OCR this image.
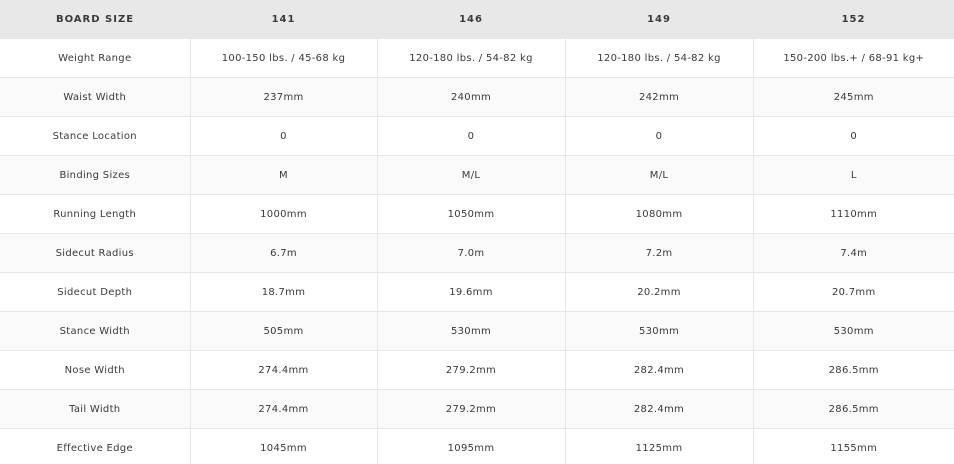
BOARD SIZE	141	146	149	152
Weight Range	100-150 lbs. / 45-68 kg	120-180 lbs. / 54-82 kg	120-180 lbs. / 54-82 kg	150-200 lbs.+ / 68-91 kg+
Waist Width	237mm	240mm	242mm	245mm
Stance Location	0	0	0	0
Binding Sizes	M	M/L	M/L	L
Running Length	1000mm	1050mm	1080mm	1110mm
Sidecut Radius	6.7m	7.0m	7.2m	7.4m
Sidecut Depth	18.7mm	19.6mm	20.2mm	20.7mm
Stance Width	505mm	530mm	530mm	530mm
Nose Width	274.4mm	279.2mm	282.4mm	286.5mm
Tail Width	274.4mm	279.2mm	282.4mm	286.5mm
Effective Edge	1045mm	1095mm	1125mm	1155mm
